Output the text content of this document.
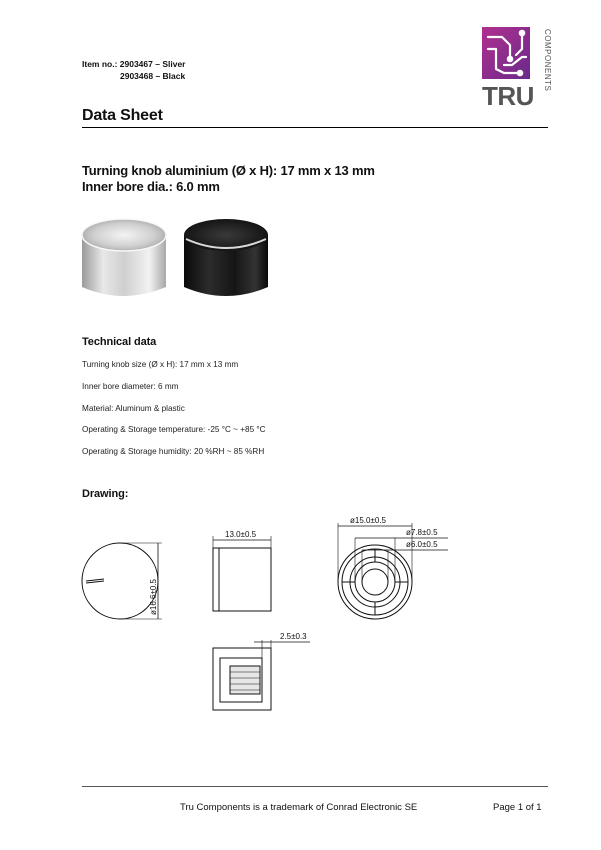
Item no.: 2903467 – Sliver
2903468 – Black
TRU
COMPONENTS
Data Sheet
Turning knob aluminium (Ø x H): 17 mm x 13 mm
Inner bore dia.: 6.0 mm
Technical data
Turning knob size (Ø x H): 17 mm x 13 mm
Inner bore diameter: 6 mm
Material: Aluminum & plastic
Operating & Storage temperature: -25 °C ~ +85 °C
Operating & Storage humidity: 20 %RH ~ 85 %RH
Drawing:
ø16.6±0.5
13.0±0.5
ø15.0±0.5
ø7.8±0.5
ø6.0±0.5
2.5±0.3
Tru Components is a trademark of Conrad Electronic SE	Page 1 of 1
